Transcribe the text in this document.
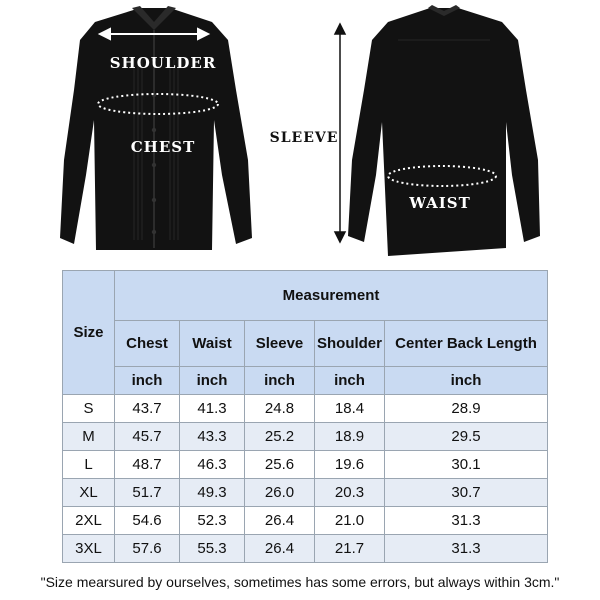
SHOULDER
CHEST	SLEEVE
WAIST
Size	Measurement				
	Chest	Waist	Sleeve	Shoulder	Center Back Length
	inch	inch	inch	inch	inch
S	43.7	41.3	24.8	18.4	28.9
M	45.7	43.3	25.2	18.9	29.5
L	48.7	46.3	25.6	19.6	30.1
XL	51.7	49.3	26.0	20.3	30.7
2XL	54.6	52.3	26.4	21.0	31.3
3XL	57.6	55.3	26.4	21.7	31.3
"Size mearsured by ourselves, sometimes has some errors, but always within 3cm."
